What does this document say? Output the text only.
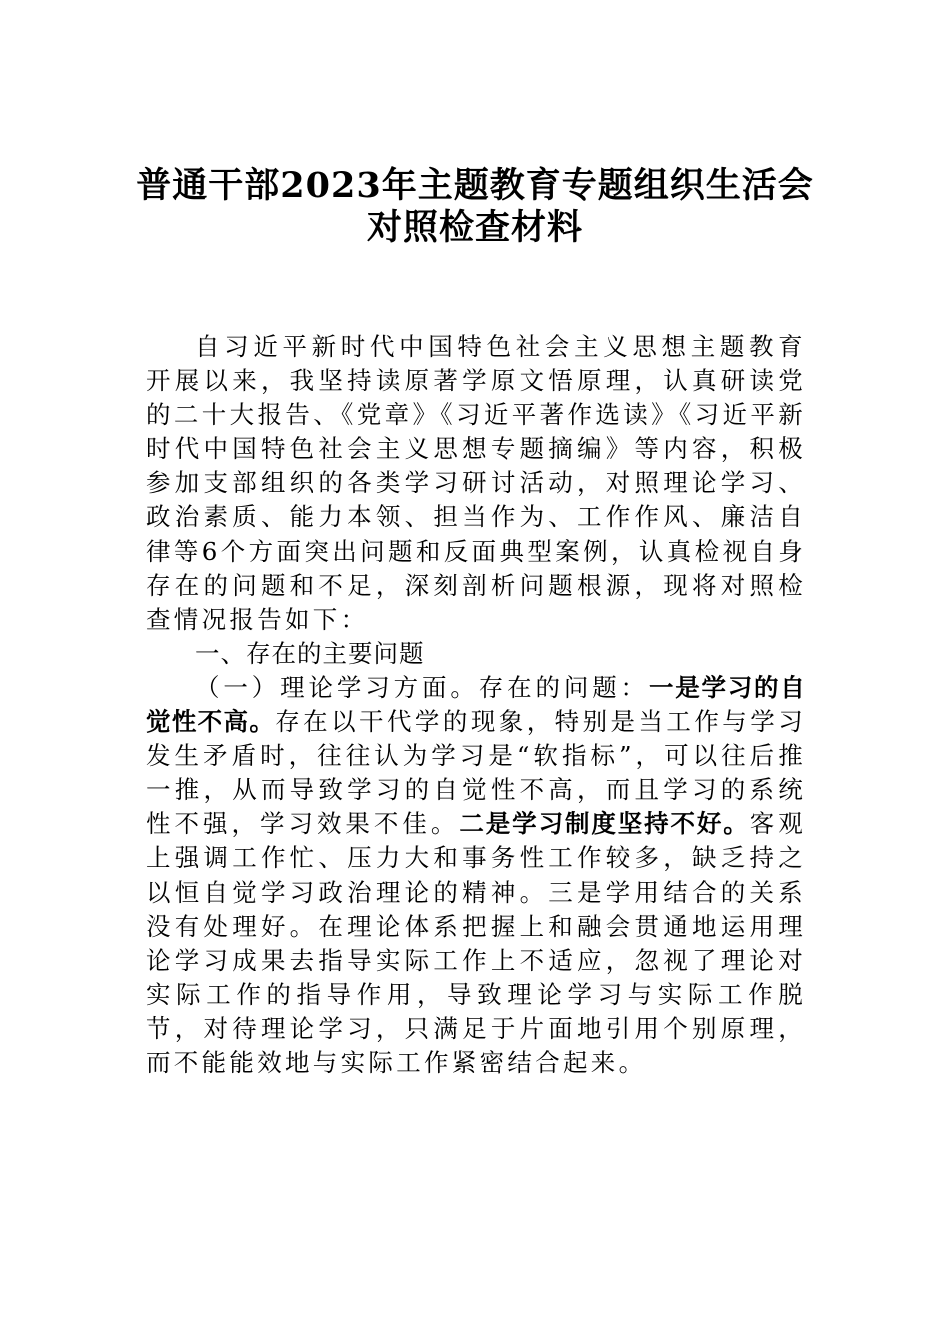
普通干部2023年主题教育专题组织生活会
对照检查材料

自习近平新时代中国特色社会主义思想主题教育开展以来，我坚持读原著学原文悟原理，认真研读党的二十大报告、《党章》《习近平著作选读》《习近平新时代中国特色社会主义思想专题摘编》等内容，积极参加支部组织的各类学习研讨活动，对照理论学习、政治素质、能力本领、担当作为、工作作风、廉洁自律等6个方面突出问题和反面典型案例，认真检视自身存在的问题和不足，深刻剖析问题根源，现将对照检查情况报告如下：

一、存在的主要问题

（一）理论学习方面。存在的问题：一是学习的自觉性不高。存在以干代学的现象，特别是当工作与学习发生矛盾时，往往认为学习是“软指标”，可以往后推一推，从而导致学习的自觉性不高，而且学习的系统性不强，学习效果不佳。二是学习制度坚持不好。客观上强调工作忙、压力大和事务性工作较多，缺乏持之以恒自觉学习政治理论的精神。三是学用结合的关系没有处理好。在理论体系把握上和融会贯通地运用理论学习成果去指导实际工作上不适应，忽视了理论对实际工作的指导作用，导致理论学习与实际工作脱节，对待理论学习，只满足于片面地引用个别原理，而不能能效地与实际工作紧密结合起来。
